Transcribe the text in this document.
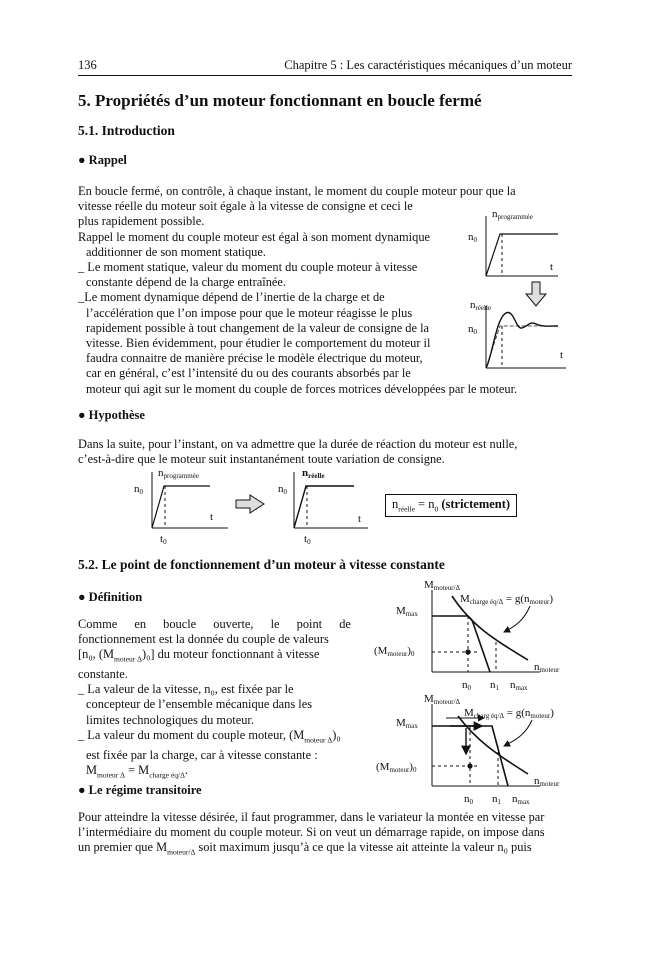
136	Chapitre 5 : Les caractéristiques mécaniques d’un moteur
5. Propriétés d’un moteur fonctionnant en boucle fermé
5.1. Introduction
● Rappel
En boucle fermé, on contrôle, à chaque instant, le moment du couple moteur pour que la
vitesse réelle du moteur soit égale à la vitesse de consigne et ceci le
plus rapidement possible.
Rappel le moment du couple moteur est égal à son moment dynamique
additionner de son moment statique.
_ Le moment statique, valeur du moment du couple moteur à vitesse
constante dépend de la charge entraînée.
_Le moment dynamique dépend de l’inertie de la charge et de
l’accélération que l’on impose pour que le moteur réagisse le plus
rapidement possible à tout changement de la valeur de consigne de la
vitesse. Bien évidemment, pour étudier le comportement du moteur il
faudra connaitre de manière précise le modèle électrique du moteur,
car en général, c’est l’intensité du ou des courants absorbés par le
moteur qui agit sur le moment du couple de forces motrices développées par le moteur.
nprogrammée
n0
t
nréelle
n0
t
● Hypothèse
Dans la suite, pour l’instant, on va admettre que la durée de réaction du moteur est nulle,
c’est-à-dire que le moteur suit instantanément toute variation de consigne.
nprogrammée
n0
t
t0
nréelle
n0
t
t0
$n_{réelle} = n_0$ (strictement)
5.2. Le point de fonctionnement d’un moteur à vitesse constante
● Définition
Comme en boucle ouverte, le point de
fonctionnement est la donnée du couple de valeurs
[n₀, $(M_{moteur \Delta})_0$] du moteur fonctionnant à vitesse
constante.
_ La valeur de la vitesse, n₀, est fixée par le
concepteur de l’ensemble mécanique dans les
limites technologiques du moteur.
_ La valeur du moment du couple moteur, $(M_{moteur \Delta})_0$
est fixée par la charge, car à vitesse constante :
$M_{moteur \Delta} = M_{charge éq/\Delta}$.
Mmoteur/Δ
Mcharge éq/Δ = g(nmoteur)
Mmax
(Mmoteur)0
nmoteur
n0 n1 nmax
Mmoteur/Δ
Mcharg éq/Δ = g(nmoteur)
Mmax
(Mmoteur)0
nmoteur
n0 n1 nmax
● Le régime transitoire
Pour atteindre la vitesse désirée, il faut programmer, dans le variateur la montée en vitesse par
l’intermédiaire du moment du couple moteur. Si on veut un démarrage rapide, on impose dans
un premier que $M_{moteur/\Delta}$ soit maximum jusqu’à ce que la vitesse ait atteinte la valeur n₀ puis
